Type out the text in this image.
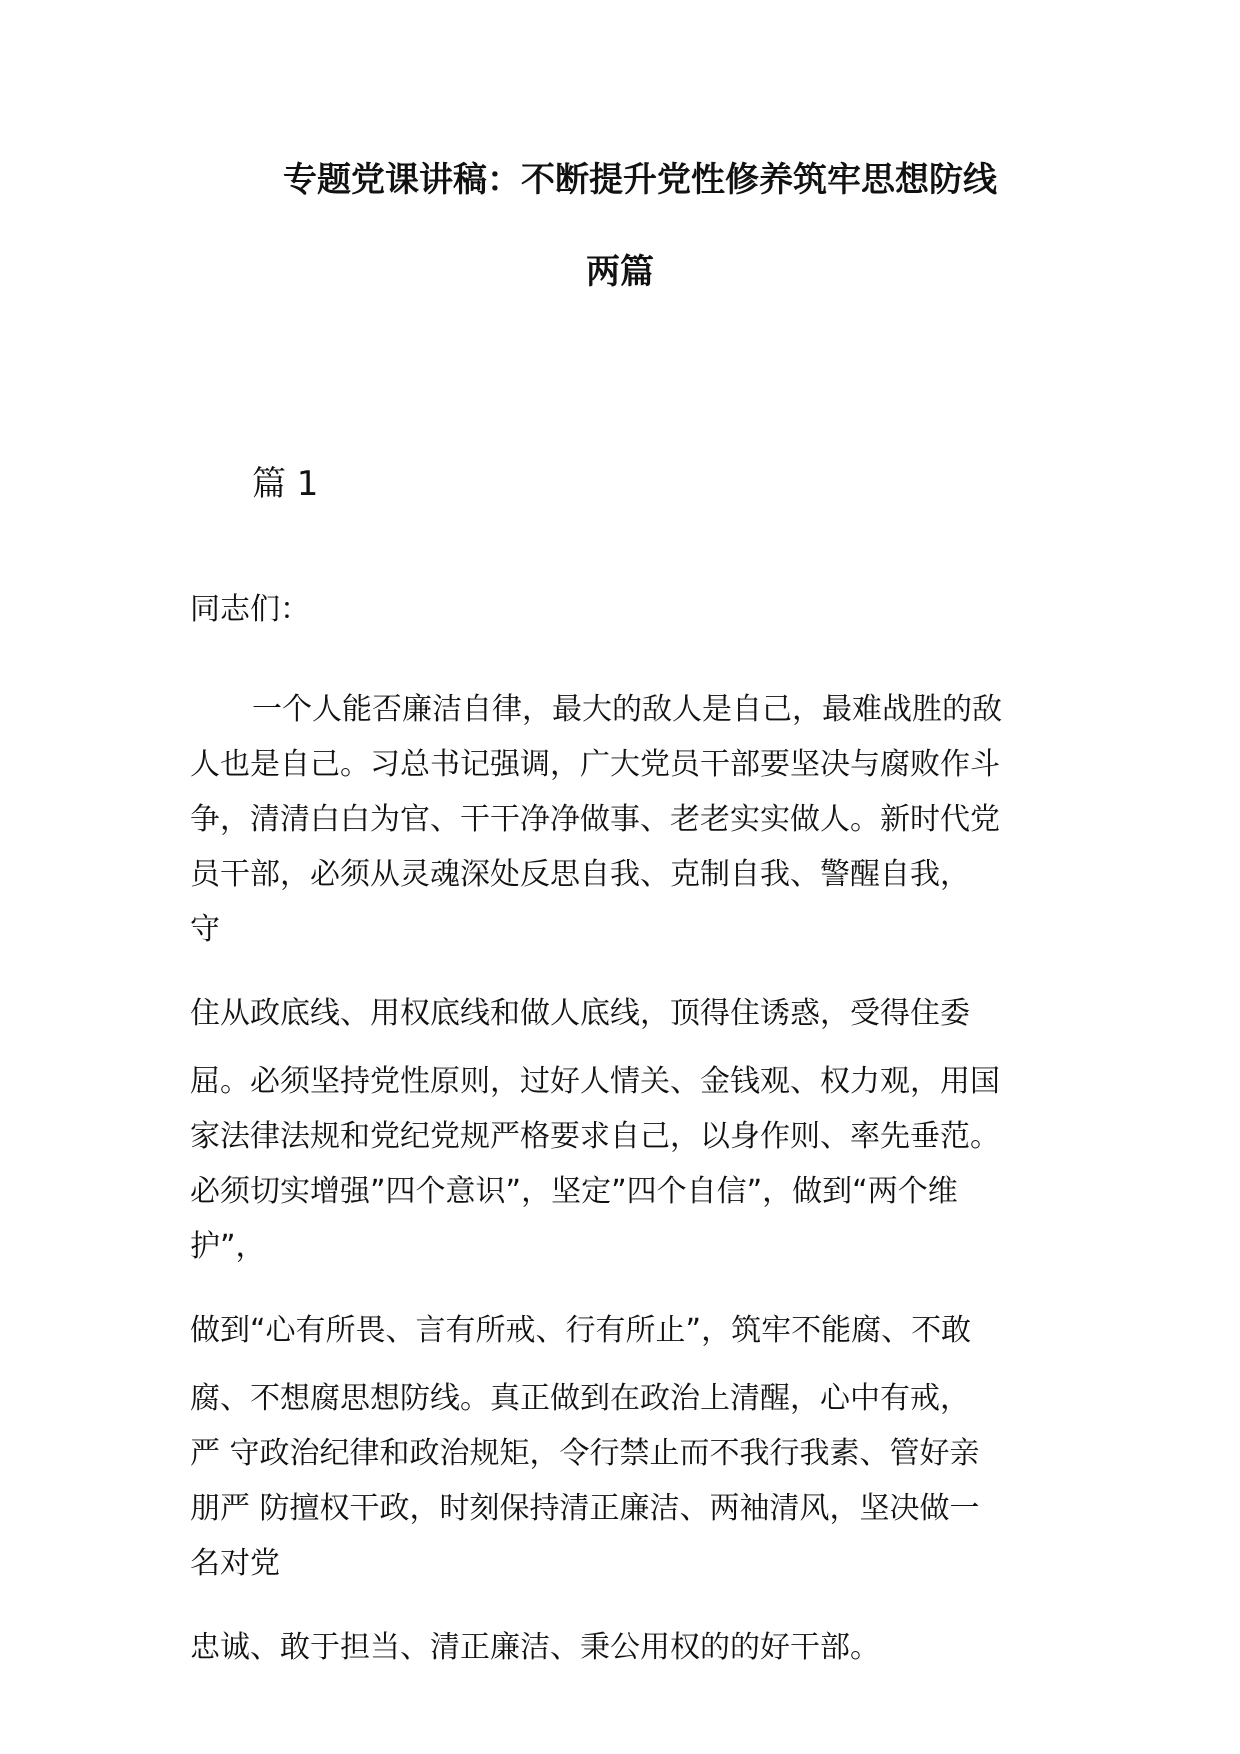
专题党课讲稿：不断提升党性修养筑牢思想防线
两篇
篇 1
同志们：
一个人能否廉洁自律，最大的敌人是自己，最难战胜的敌
人也是自己。习总书记强调，广大党员干部要坚决与腐败作斗
争，清清白白为官、干干净净做事、老老实实做人。新时代党
员干部，必须从灵魂深处反思自我、克制自我、警醒自我，
守
住从政底线、用权底线和做人底线，顶得住诱惑，受得住委
屈。必须坚持党性原则，过好人情关、金钱观、权力观，用国
家法律法规和党纪党规严格要求自己，以身作则、率先垂范。
必须切实增强”四个意识”，坚定”四个自信”，做到“两个维
护”，
做到“心有所畏、言有所戒、行有所止”，筑牢不能腐、不敢
腐、不想腐思想防线。真正做到在政治上清醒，心中有戒，
严 守政治纪律和政治规矩，令行禁止而不我行我素、管好亲
朋严 防擅权干政，时刻保持清正廉洁、两袖清风，坚决做一
名对党
忠诚、敢于担当、清正廉洁、秉公用权的的好干部。
